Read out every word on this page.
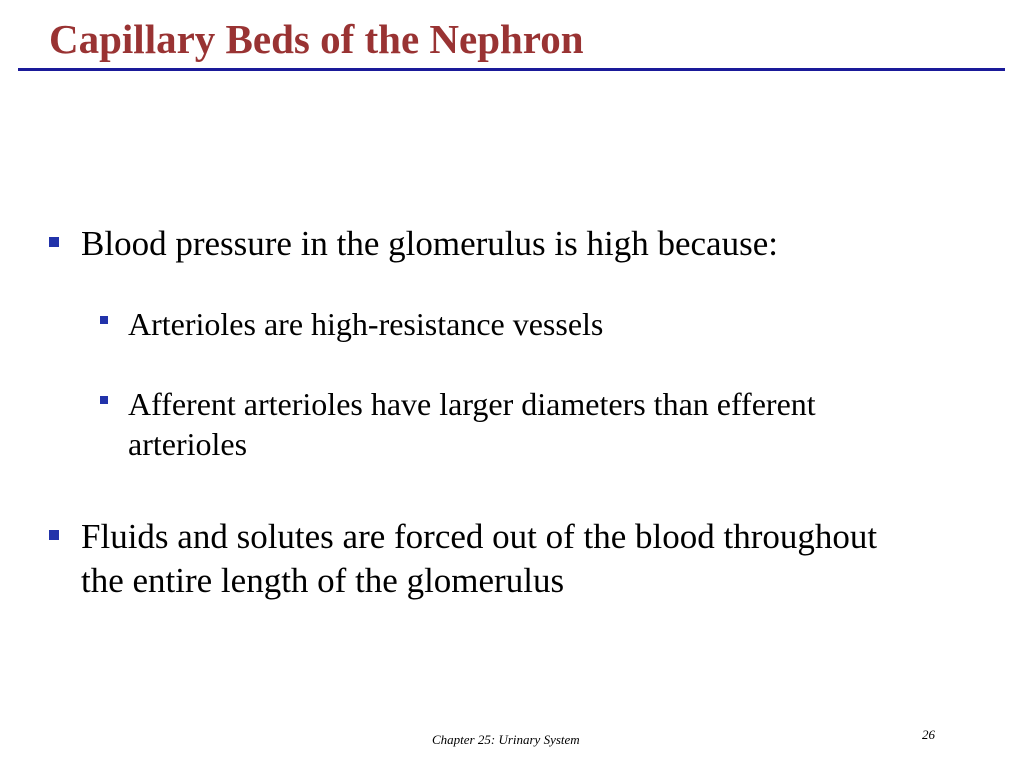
Capillary Beds of the Nephron
Blood pressure in the glomerulus is high because:
Arterioles are high-resistance vessels
Afferent arterioles have larger diameters than efferent arterioles
Fluids and solutes are forced out of the blood throughout the entire length of the glomerulus
Chapter 25: Urinary System	26
